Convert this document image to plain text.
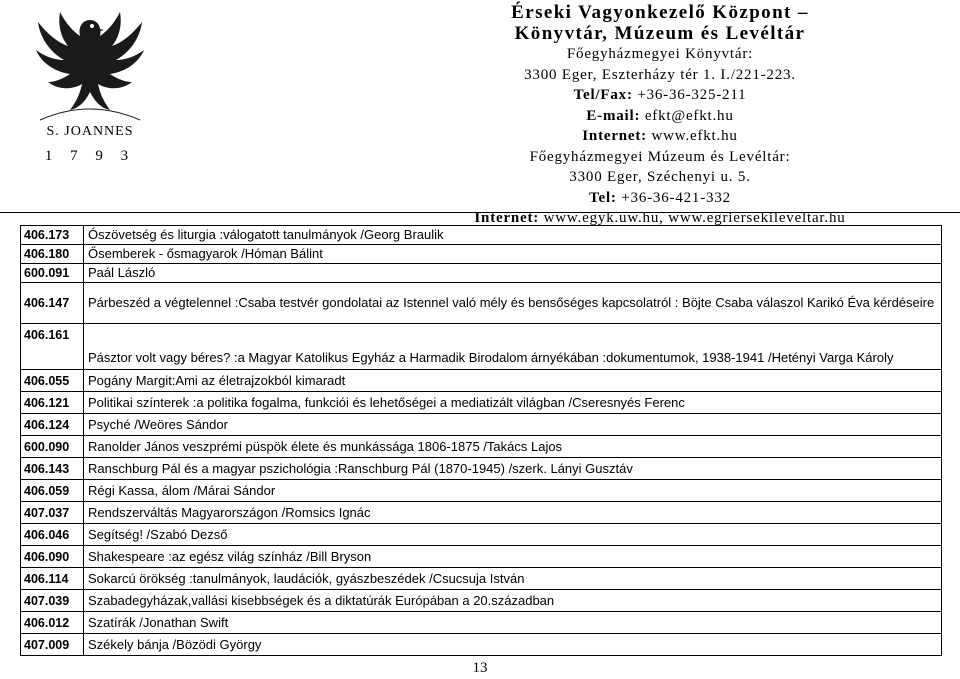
S. JOANNES
1 7 9 3
Érseki Vagyonkezelő Központ –
Könyvtár, Múzeum és Levéltár
Főegyházmegyei Könyvtár:
3300 Eger, Eszterházy tér 1. I./221-223.
Tel/Fax: +36-36-325-211
E-mail: efkt@efkt.hu
Internet: www.efkt.hu
Főegyházmegyei Múzeum és Levéltár:
3300 Eger, Széchenyi u. 5.
Tel: +36-36-421-332
Internet: www.egyk.uw.hu, www.egriersekileveltar.hu
406.173	Ószövetség és liturgia :válogatott tanulmányok /Georg Braulik
406.180	Ősemberek - ősmagyarok /Hóman Bálint
600.091	Paál László
406.147	Párbeszéd a végtelennel :Csaba testvér gondolatai az Istennel való mély és bensőséges kapcsolatról : Böjte Csaba válaszol Karikó Éva kérdéseire
406.161	Pásztor volt vagy béres? :a Magyar Katolikus Egyház a Harmadik Birodalom árnyékában :dokumentumok, 1938-1941 /Hetényi Varga Károly
406.055	Pogány Margit:Ami az életrajzokból kimaradt
406.121	Politikai színterek :a politika fogalma, funkciói és lehetőségei a mediatizált világban /Cseresnyés Ferenc
406.124	Psyché /Weöres Sándor
600.090	Ranolder János veszprémi püspök élete és munkássága 1806-1875 /Takács Lajos
406.143	Ranschburg Pál és a magyar pszichológia :Ranschburg Pál (1870-1945) /szerk. Lányi Gusztáv
406.059	Régi Kassa, álom /Márai Sándor
407.037	Rendszerváltás Magyarországon /Romsics Ignác
406.046	Segítség! /Szabó Dezső
406.090	Shakespeare :az egész világ színház /Bill Bryson
406.114	Sokarcú örökség :tanulmányok, laudációk, gyászbeszédek /Csucsuja István
407.039	Szabadegyházak,vallási kisebbségek és a diktatúrák Európában a 20.században
406.012	Szatírák /Jonathan Swift
407.009	Székely bánja /Bözödi György
13
